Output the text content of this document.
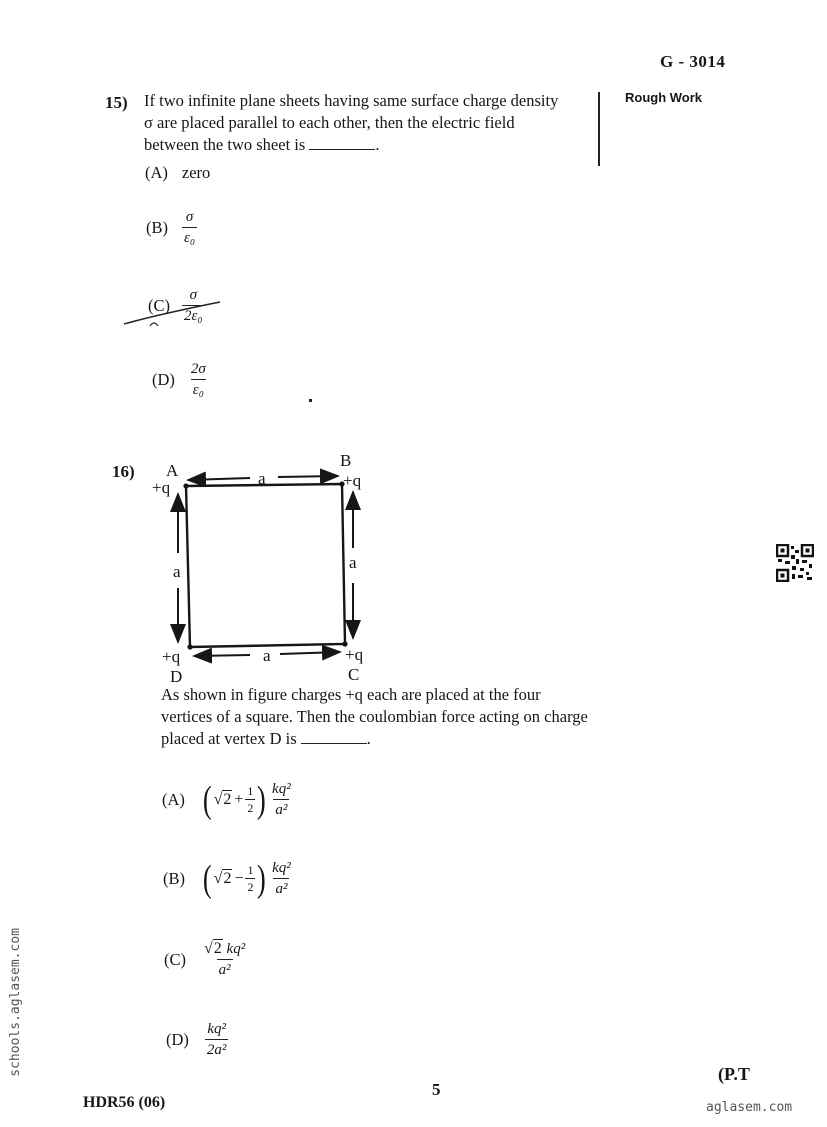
G - 3014
Rough Work
15) If two infinite plane sheets having same surface charge density
σ are placed parallel to each other, then the electric field
between the two sheet is	.
(A) zero
$(B) \frac{\sigma}{\text{ε₀}}$
$(C) \frac{\sigma}{\text{2ε₀}}$
$(D) \frac{2\sigma}{\text{ε₀}}$
16) A
+q
B
+q
a
a	a
a
+q
D
+q
C
As shown in figure charges +q each are placed at the four
vertices of a square. Then the coulombian force acting on charge
placed at vertex D is	.
(A) ( $√2 + \frac{1}{2}$ ) $\frac{\text{kq²}}{\text{a²}}$
(B) ( $√2 - \frac{1}{2}$ ) $\frac{\text{kq²}}{\text{a²}}$
$(C) \frac{\text{√2 kq²}}{\text{a²}}$
$(D) \frac{\text{kq²}}{\text{2a²}}$
schools.aglasem.com
HDR56 (06)
5
(P.T
aglasem.com
